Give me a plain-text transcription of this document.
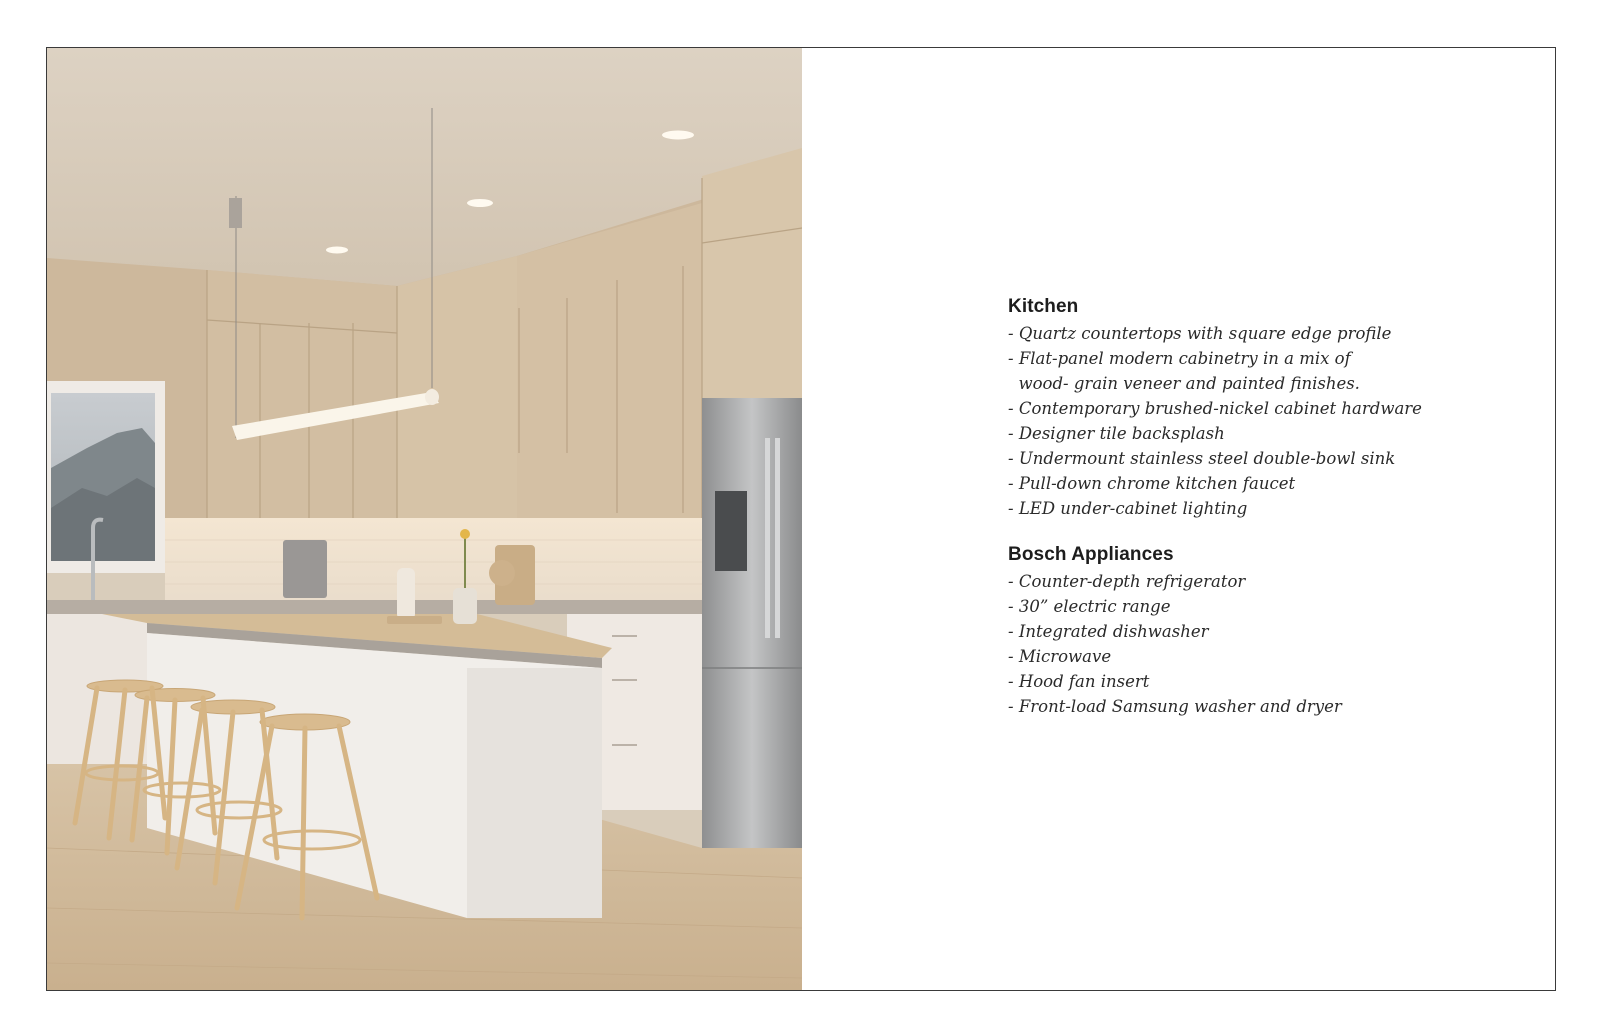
Kitchen
- Quartz countertops with square edge profile
- Flat-panel modern cabinetry in a mix of
wood- grain veneer and painted finishes.
- Contemporary brushed-nickel cabinet hardware
- Designer tile backsplash
- Undermount stainless steel double-bowl sink
- Pull-down chrome kitchen faucet
- LED under-cabinet lighting
Bosch Appliances
- Counter-depth refrigerator
- 30” electric range
- Integrated dishwasher
- Microwave
- Hood fan insert
- Front-load Samsung washer and dryer
